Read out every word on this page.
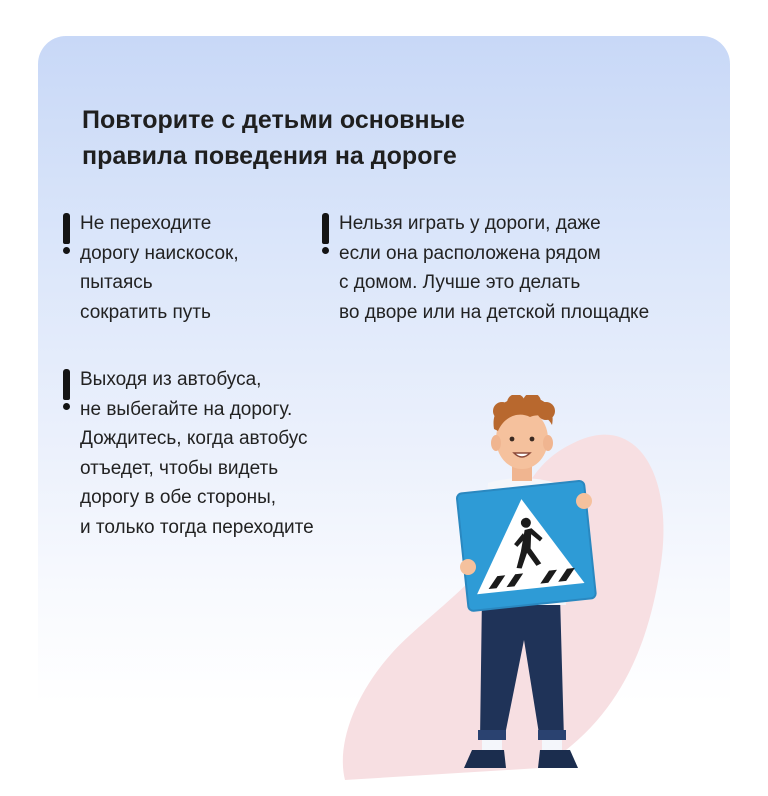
Повторите с детьми основные
правила поведения на дороге
Не переходите
дорогу наискосок,
пытаясь
сократить путь
Нельзя играть у дороги, даже
если она расположена рядом
с домом. Лучше это делать
во дворе или на детской площадке
Выходя из автобуса,
не выбегайте на дорогу.
Дождитесь, когда автобус
отъедет, чтобы видеть
дорогу в обе стороны,
и только тогда переходите
